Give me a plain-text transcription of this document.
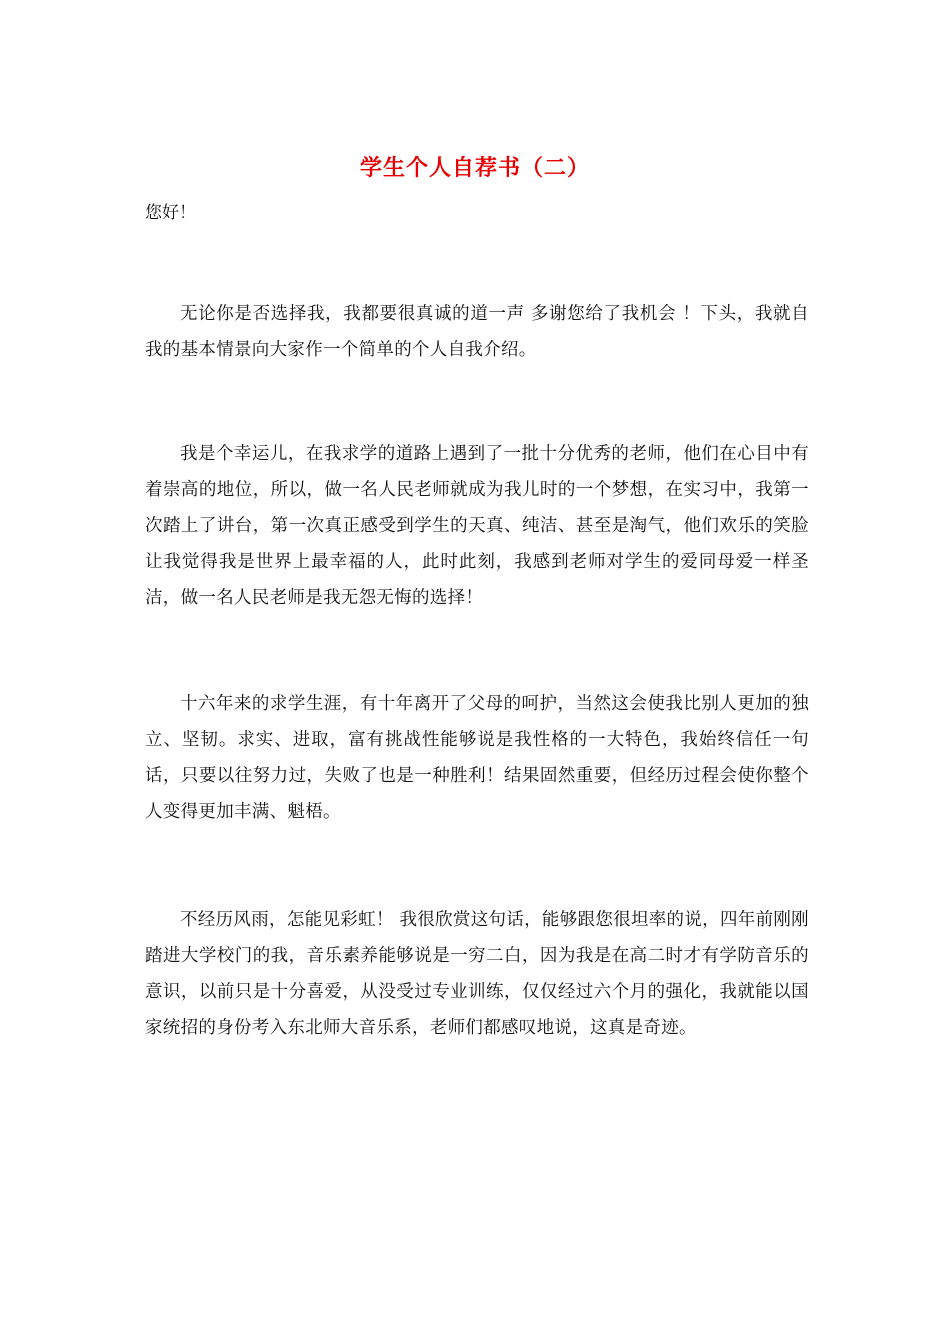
学生个人自荐书（二）

您好！

无论你是否选择我，我都要很真诚的道一声 多谢您给了我机会 ！下头，我就自我的基本情景向大家作一个简单的个人自我介绍。

我是个幸运儿，在我求学的道路上遇到了一批十分优秀的老师，他们在心目中有着崇高的地位，所以，做一名人民老师就成为我儿时的一个梦想，在实习中，我第一次踏上了讲台，第一次真正感受到学生的天真、纯洁、甚至是淘气，他们欢乐的笑脸让我觉得我是世界上最幸福的人，此时此刻，我感到老师对学生的爱同母爱一样圣洁，做一名人民老师是我无怨无悔的选择！

十六年来的求学生涯，有十年离开了父母的呵护，当然这会使我比别人更加的独立、坚韧。求实、进取，富有挑战性能够说是我性格的一大特色，我始终信任一句话，只要以往努力过，失败了也是一种胜利！结果固然重要，但经历过程会使你整个人变得更加丰满、魁梧。

不经历风雨，怎能见彩虹！ 我很欣赏这句话，能够跟您很坦率的说，四年前刚刚踏进大学校门的我，音乐素养能够说是一穷二白，因为我是在高二时才有学防音乐的意识，以前只是十分喜爱，从没受过专业训练，仅仅经过六个月的强化，我就能以国家统招的身份考入东北师大音乐系，老师们都感叹地说，这真是奇迹。
